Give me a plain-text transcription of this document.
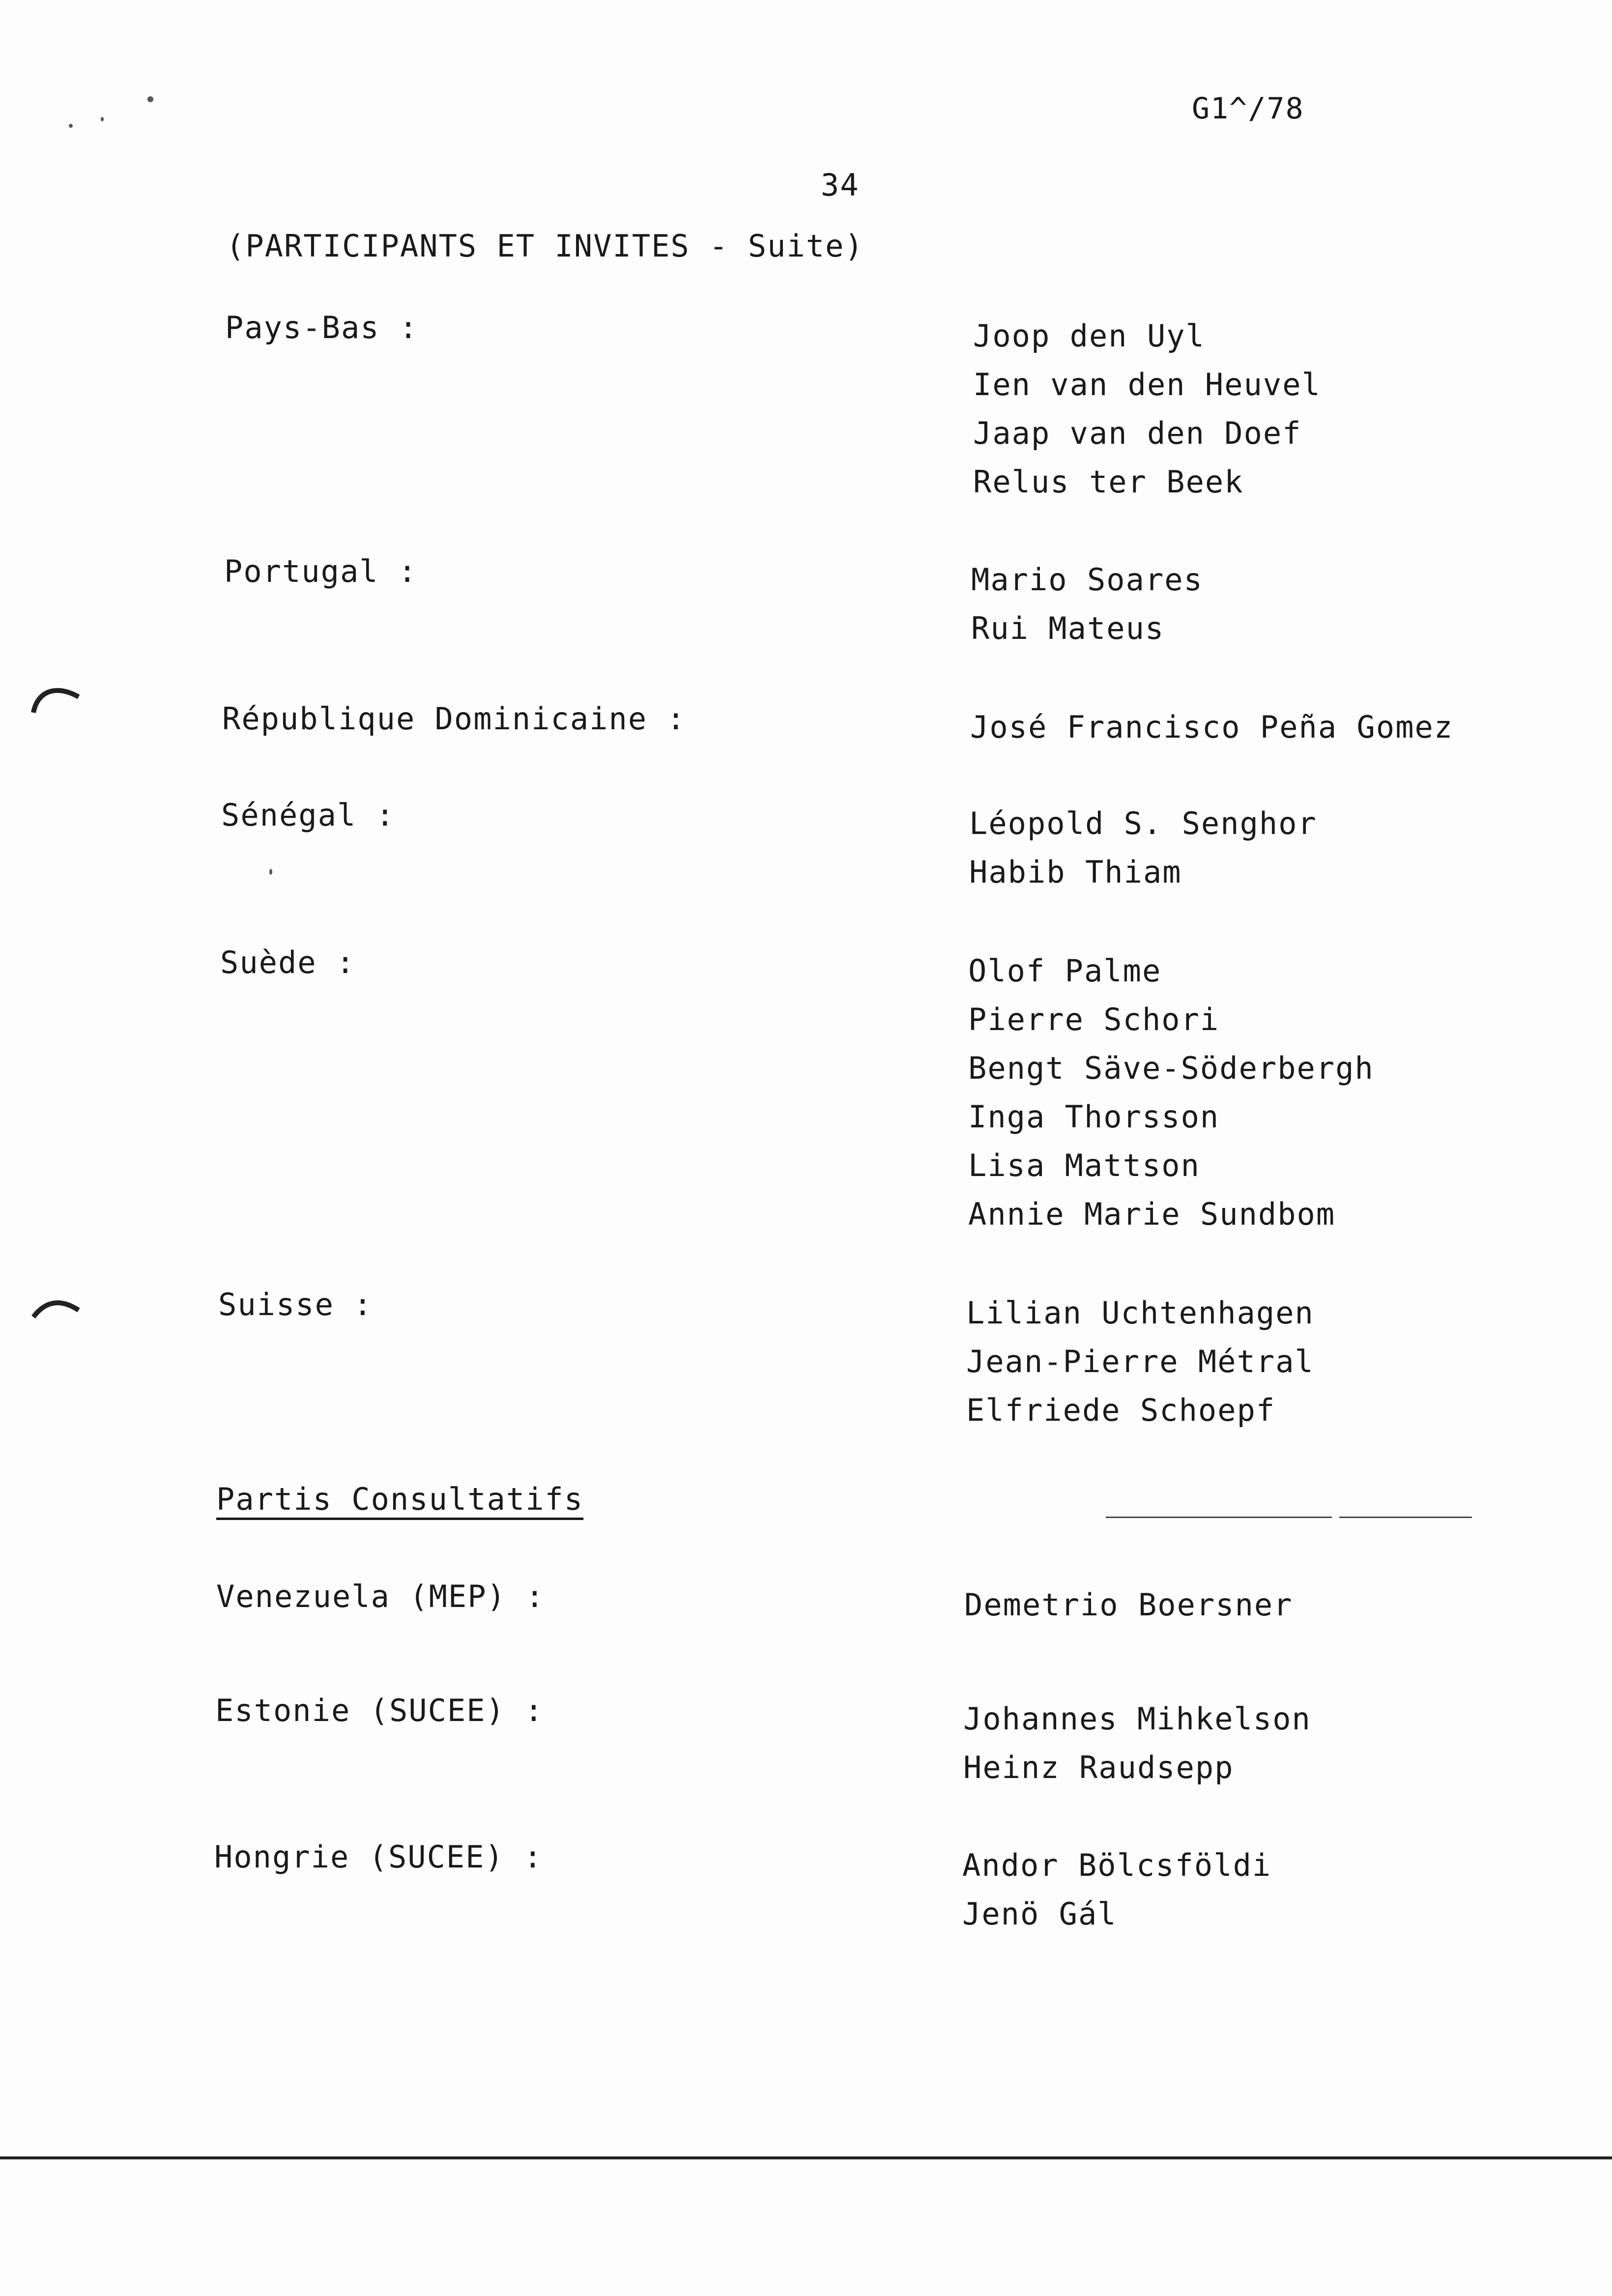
G1^/78
34
(PARTICIPANTS ET INVITES - Suite)
Pays-Bas :	Joop den Uyl
Ien van den Heuvel
Jaap van den Doef
Relus ter Beek
Portugal :	Mario Soares
Rui Mateus
République Dominicaine :	José Francisco Peña Gomez
Sénégal :	Léopold S. Senghor
Habib Thiam
Suède :	Olof Palme
Pierre Schori
Bengt Säve-Söderbergh
Inga Thorsson
Lisa Mattson
Annie Marie Sundbom
Suisse :	Lilian Uchtenhagen
Jean-Pierre Métral
Elfriede Schoepf
Partis Consultatifs
Venezuela (MEP) :	Demetrio Boersner
Estonie (SUCEE) :	Johannes Mihkelson
Heinz Raudsepp
Hongrie (SUCEE) :	Andor Bölcsföldi
Jenö Gál
